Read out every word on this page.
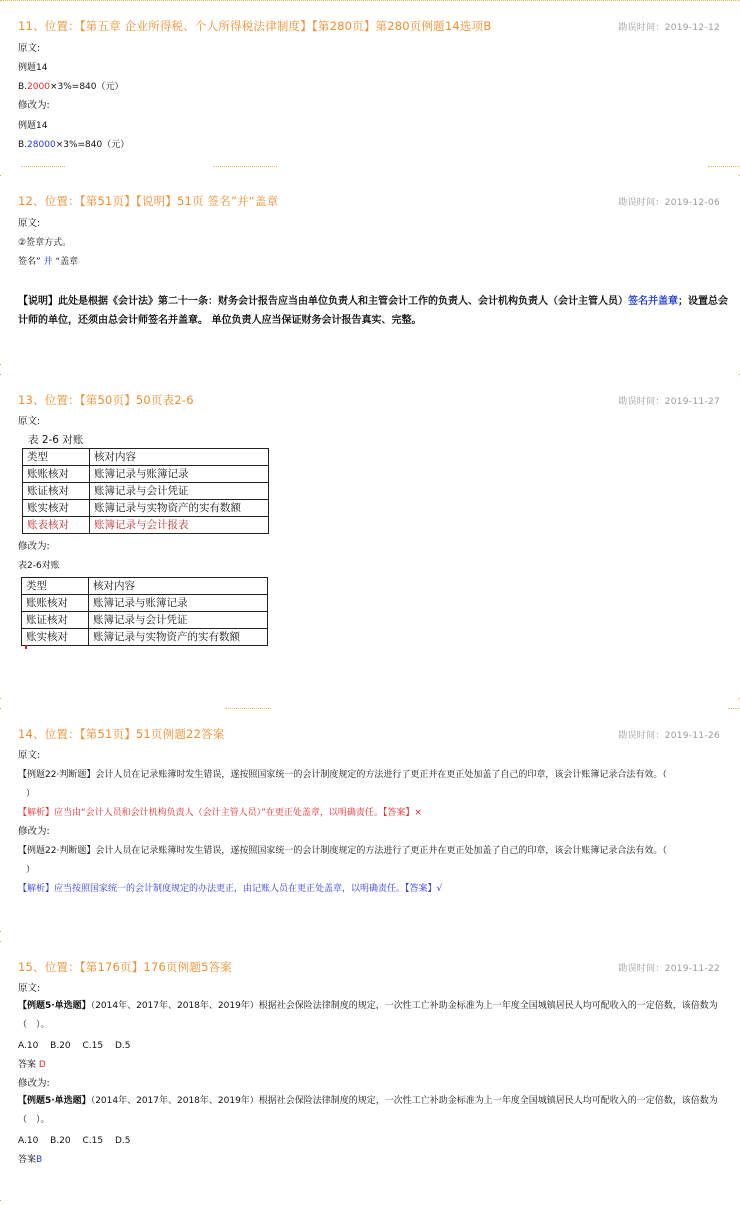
11、位置：【第五章 企业所得税、个人所得税法律制度】【第280页】第280页例题14选项B	勘误时间：2019-12-12
原文:
例题14
B.2000×3%=840（元）
修改为:
例题14
B.28000×3%=840（元）
12、位置：【第51页】【说明】51页 签名”并“盖章	勘误时间：2019-12-06
原文:
②签章方式。
签名” 并 “盖章
【说明】此处是根据《会计法》第二十一条：财务会计报告应当由单位负责人和主管会计工作的负责人、会计机构负责人（会计主管人员）签名并盖章；设置总会计师的单位，还须由总会计师签名并盖章。 单位负责人应当保证财务会计报告真实、完整。
13、位置：【第50页】50页表2-6	勘误时间：2019-11-27
原文:
表 2-6 对账
类型	核对内容
账账核对	账簿记录与账簿记录
账证核对	账簿记录与会计凭证
账实核对	账簿记录与实物资产的实有数额
账表核对	账簿记录与会计报表
修改为:
表2-6对账
类型	核对内容
账账核对	账簿记录与账簿记录
账证核对	账簿记录与会计凭证
账实核对	账簿记录与实物资产的实有数额
14、位置：【第51页】51页例题22答案	勘误时间：2019-11-26
原文:
【例题22·判断题】会计人员在记录账簿时发生错误，遂按照国家统一的会计制度规定的方法进行了更正并在更正处加盖了自己的印章，该会计账簿记录合法有效。（
）
【解析】应当由“会计人员和会计机构负责人（会计主管人员）”在更正处盖章，以明确责任。【答案】×
修改为:
【例题22·判断题】会计人员在记录账簿时发生错误，遂按照国家统一的会计制度规定的方法进行了更正并在更正处加盖了自己的印章，该会计账簿记录合法有效。（
）
【解析】应当按照国家统一的会计制度规定的办法更正，由记账人员在更正处盖章，以明确责任。【答案】√
15、位置：【第176页】176页例题5答案	勘误时间：2019-11-22
原文:
【例题5·单选题】（2014年、2017年、2018年、2019年）根据社会保险法律制度的规定，一次性工亡补助金标准为上一年度全国城镇居民人均可配收入的一定倍数，该倍数为（　）。
A.10　 B.20　 C.15　 D.5
答案 D
修改为:
【例题5·单选题】（2014年、2017年、2018年、2019年）根据社会保险法律制度的规定，一次性工亡补助金标准为上一年度全国城镇居民人均可配收入的一定倍数，该倍数为（　）。
A.10　 B.20　 C.15　 D.5
答案B
